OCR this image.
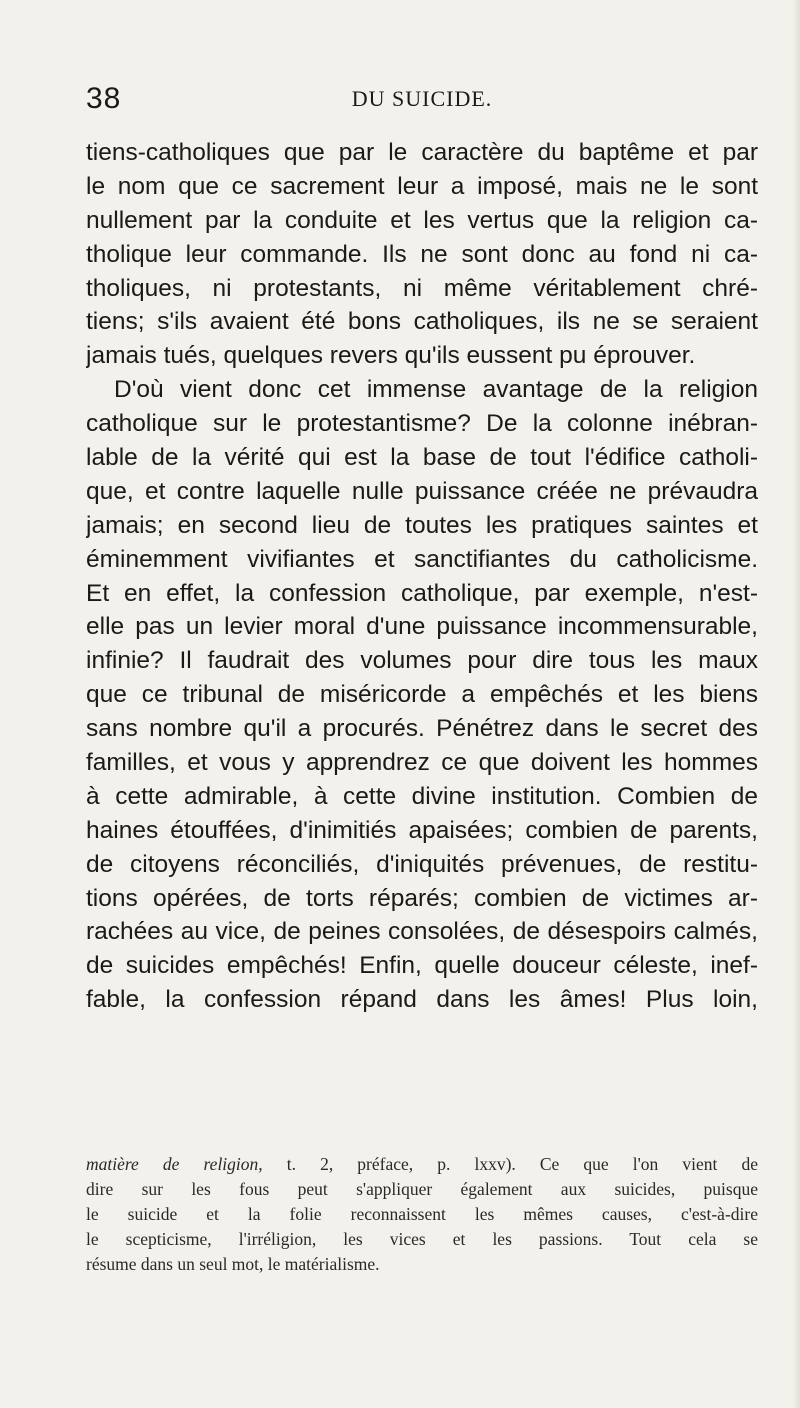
38	DU SUICIDE.
tiens-catholiques que par le caractère du baptême et par
le nom que ce sacrement leur a imposé, mais ne le sont
nullement par la conduite et les vertus que la religion ca-
tholique leur commande. Ils ne sont donc au fond ni ca-
tholiques, ni protestants, ni même véritablement chré-
tiens; s'ils avaient été bons catholiques, ils ne se seraient
jamais tués, quelques revers qu'ils eussent pu éprouver.
D'où vient donc cet immense avantage de la religion
catholique sur le protestantisme? De la colonne inébran-
lable de la vérité qui est la base de tout l'édifice catholi-
que, et contre laquelle nulle puissance créée ne prévaudra
jamais; en second lieu de toutes les pratiques saintes et
éminemment vivifiantes et sanctifiantes du catholicisme.
Et en effet, la confession catholique, par exemple, n'est-
elle pas un levier moral d'une puissance incommensurable,
infinie? Il faudrait des volumes pour dire tous les maux
que ce tribunal de miséricorde a empêchés et les biens
sans nombre qu'il a procurés. Pénétrez dans le secret des
familles, et vous y apprendrez ce que doivent les hommes
à cette admirable, à cette divine institution. Combien de
haines étouffées, d'inimitiés apaisées; combien de parents,
de citoyens réconciliés, d'iniquités prévenues, de restitu-
tions opérées, de torts réparés; combien de victimes ar-
rachées au vice, de peines consolées, de désespoirs calmés,
de suicides empêchés! Enfin, quelle douceur céleste, inef-
fable, la confession répand dans les âmes! Plus loin,
matière de religion, t. 2, préface, p. lxxv). Ce que l'on vient de
dire sur les fous peut s'appliquer également aux suicides, puisque
le suicide et la folie reconnaissent les mêmes causes, c'est-à-dire
le scepticisme, l'irréligion, les vices et les passions. Tout cela se
résume dans un seul mot, le matérialisme.
